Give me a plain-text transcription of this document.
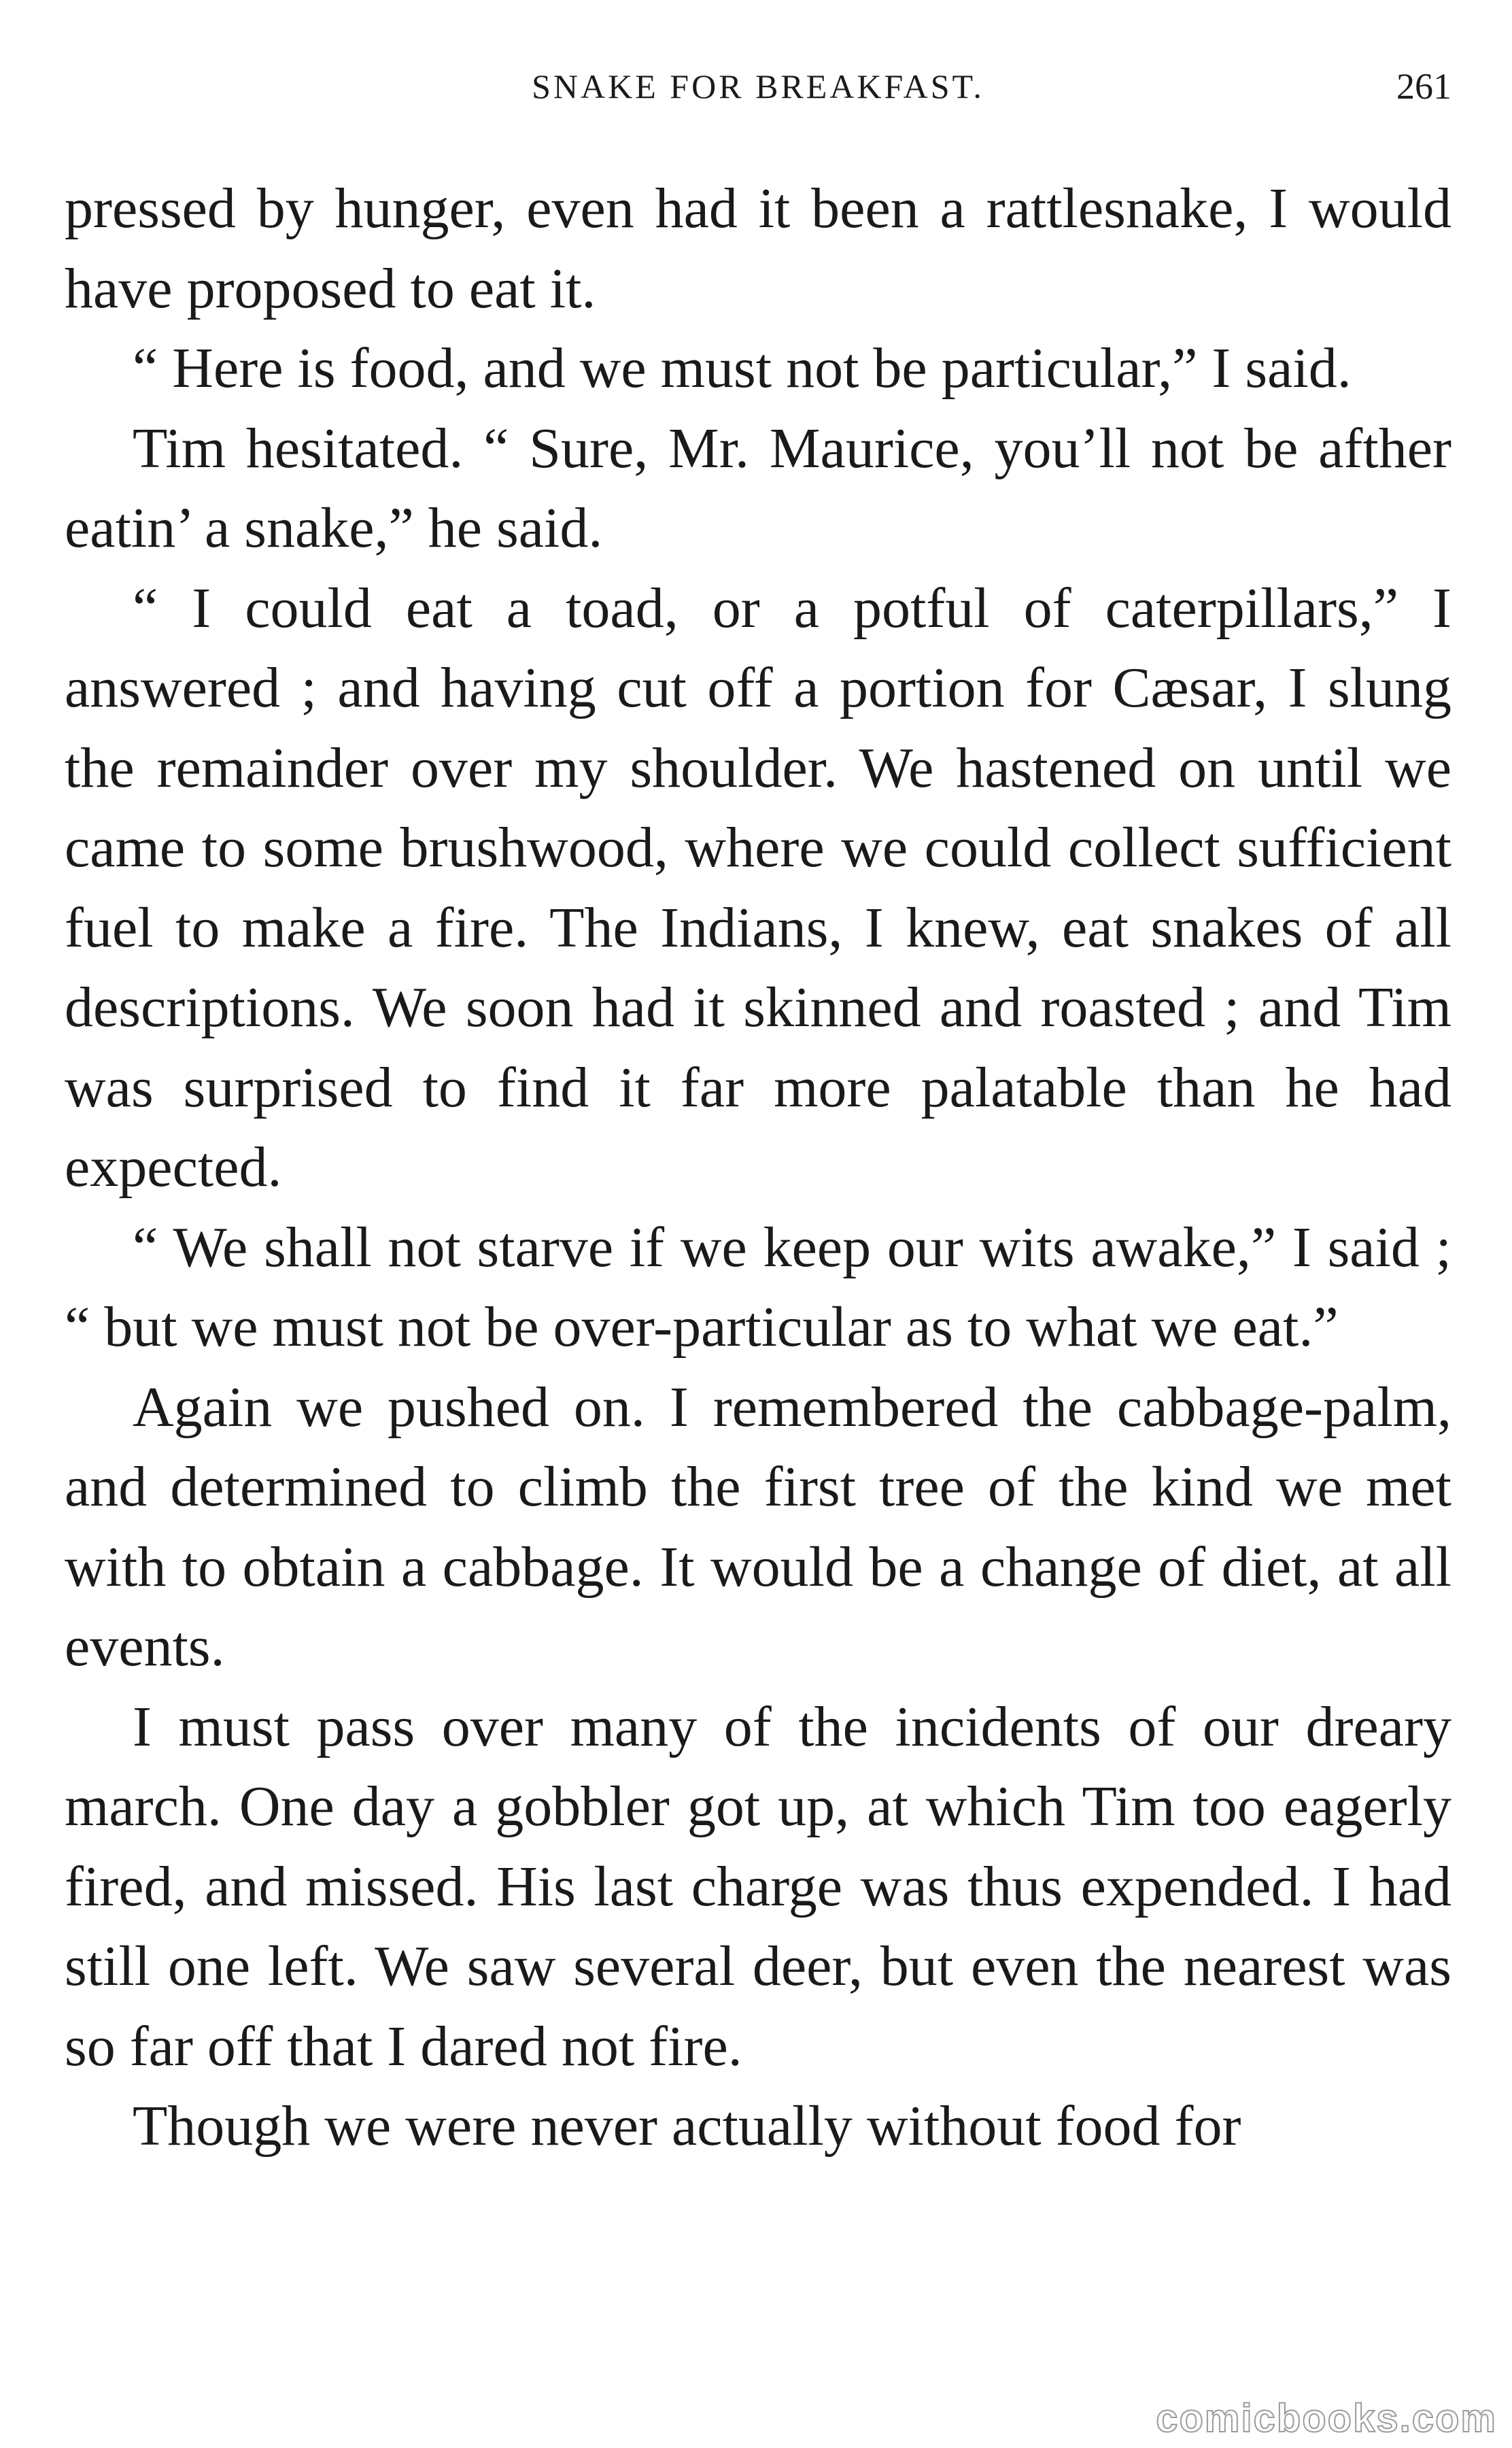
SNAKE FOR BREAKFAST.	261

pressed by hunger, even had it been a rattlesnake, I would have proposed to eat it.

“ Here is food, and we must not be particular,” I said.

Tim hesitated. “ Sure, Mr. Maurice, you’ll not be afther eatin’ a snake,” he said.

“ I could eat a toad, or a potful of caterpillars,” I answered ; and having cut off a portion for Cæsar, I slung the remainder over my shoulder. We hastened on until we came to some brushwood, where we could collect sufficient fuel to make a fire. The Indians, I knew, eat snakes of all descriptions. We soon had it skinned and roasted ; and Tim was surprised to find it far more palatable than he had expected.

“ We shall not starve if we keep our wits awake,” I said ; “ but we must not be over-particular as to what we eat.”

Again we pushed on. I remembered the cabbage-palm, and determined to climb the first tree of the kind we met with to obtain a cabbage. It would be a change of diet, at all events.

I must pass over many of the incidents of our dreary march. One day a gobbler got up, at which Tim too eagerly fired, and missed. His last charge was thus expended. I had still one left. We saw several deer, but even the nearest was so far off that I dared not fire.

Though we were never actually without food for

comicbooks.com
